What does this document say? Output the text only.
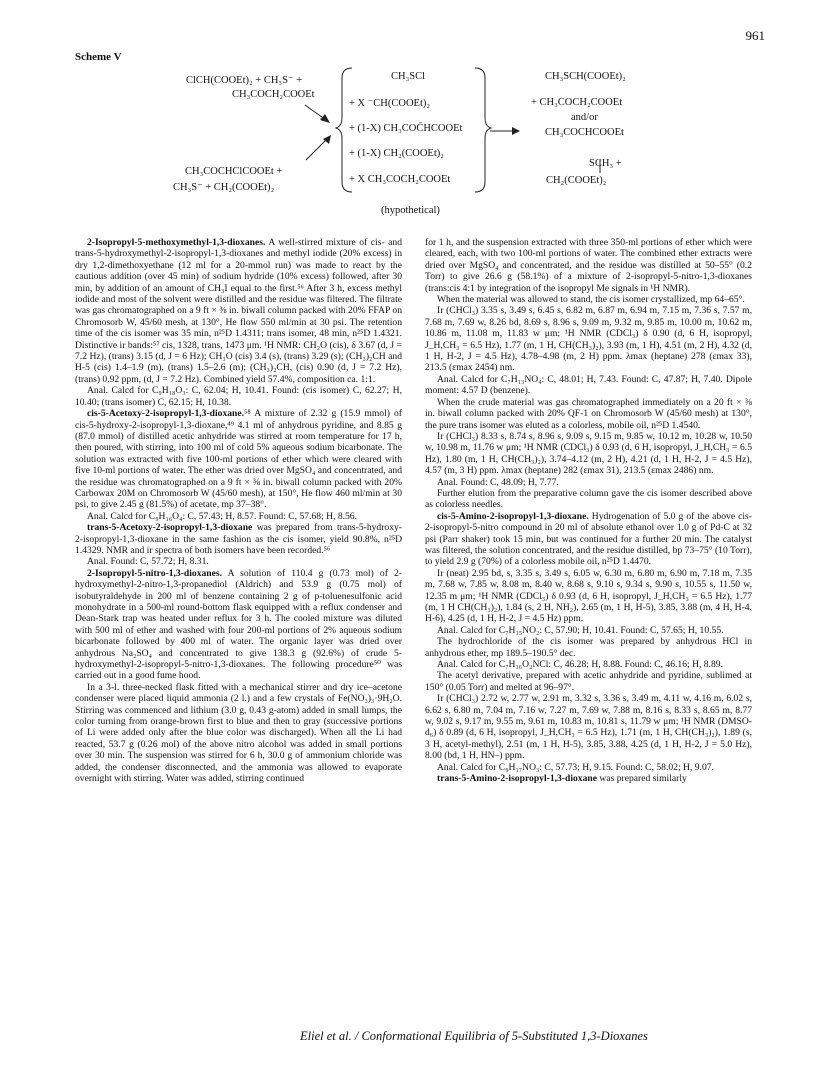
961
Scheme V
ClCH(COOEt)₂ + CH₃S⁻ +
CH₃COCH₂COOEt
CH₃COCHClCOOEt +
CH₃S⁻ + CH₂(COOEt)₂
CH₃SCl
+ X ⁻CH(COOEt)₂
+ (1-X) CH₃COC̄HCOOEt
+ (1-X) CH₂(COOEt)₂
+ X CH₃COCH₂COOEt
CH₃SCH(COOEt)₂
+ CH₃COCH₂COOEt
and/or
CH₃COCHCOOEt
SCH₃ +
CH₂(COOEt)₂
(hypothetical)

2-Isopropyl-5-methoxymethyl-1,3-dioxanes. A well-stirred mixture of cis- and trans-5-hydroxymethyl-2-isopropyl-1,3-dioxanes and methyl iodide (20% excess) in dry 1,2-dimethoxyethane (12 ml for a 20-mmol run) was made to react by the cautious addition (over 45 min) of sodium hydride (10% excess) followed, after 30 min, by addition of an amount of CH₃I equal to the first.⁵⁶ After 3 h, excess methyl iodide and most of the solvent were distilled and the residue was filtered. The filtrate was gas chromatographed on a 9 ft × ⅜ in. biwall column packed with 20% FFAP on Chromosorb W, 45/60 mesh, at 130°, He flow 550 ml/min at 30 psi. The retention time of the cis isomer was 35 min, n²⁵D 1.4311; trans isomer, 48 min, n²⁵D 1.4321. Distinctive ir bands:⁵⁷ cis, 1328, trans, 1473 μm. ¹H NMR: CH₂O (cis), δ 3.67 (d, J = 7.2 Hz), (trans) 3.15 (d, J = 6 Hz); CH₃O (cis) 3.4 (s), (trans) 3.29 (s); (CH₃)₂CH and H-5 (cis) 1.4–1.9 (m), (trans) 1.5–2.6 (m); (CH₃)₂CH, (cis) 0.90 (d, J = 7.2 Hz), (trans) 0.92 ppm, (d, J = 7.2 Hz). Combined yield 57.4%, composition ca. 1:1.

Anal. Calcd for C₉H₁₈O₃: C, 62.04; H, 10.41. Found: (cis isomer) C, 62.27; H, 10.40; (trans isomer) C, 62.15; H, 10.38.

cis-5-Acetoxy-2-isopropyl-1,3-dioxane.⁵⁸ A mixture of 2.32 g (15.9 mmol) of cis-5-hydroxy-2-isopropyl-1,3-dioxane,⁴⁹ 4.1 ml of anhydrous pyridine, and 8.85 g (87.0 mmol) of distilled acetic anhydride was stirred at room temperature for 17 h, then poured, with stirring, into 100 ml of cold 5% aqueous sodium bicarbonate. The solution was extracted with five 100-ml portions of ether which were cleared with five 10-ml portions of water. The ether was dried over MgSO₄ and concentrated, and the residue was chromatographed on a 9 ft × ⅜ in. biwall column packed with 20% Carbowax 20M on Chromosorb W (45/60 mesh), at 150°, He flow 460 ml/min at 30 psi, to give 2.45 g (81.5%) of acetate, mp 37–38°.

Anal. Calcd for C₉H₁₆O₄: C, 57.43; H, 8.57. Found: C, 57.68; H, 8.56.

trans-5-Acetoxy-2-isopropyl-1,3-dioxane was prepared from trans-5-hydroxy-2-isopropyl-1,3-dioxane in the same fashion as the cis isomer, yield 90.8%, n²⁵D 1.4329. NMR and ir spectra of both isomers have been recorded.⁵⁶

Anal. Found: C, 57.72; H, 8.31.

2-Isopropyl-5-nitro-1,3-dioxanes. A solution of 110.4 g (0.73 mol) of 2-hydroxymethyl-2-nitro-1,3-propanediol (Aldrich) and 53.9 g (0.75 mol) of isobutyraldehyde in 200 ml of benzene containing 2 g of p-toluenesulfonic acid monohydrate in a 500-ml round-bottom flask equipped with a reflux condenser and Dean-Stark trap was heated under reflux for 3 h. The cooled mixture was diluted with 500 ml of ether and washed with four 200-ml portions of 2% aqueous sodium bicarbonate followed by 400 ml of water. The organic layer was dried over anhydrous Na₂SO₄ and concentrated to give 138.3 g (92.6%) of crude 5-hydroxymethyl-2-isopropyl-5-nitro-1,3-dioxanes. The following procedure⁵⁰ was carried out in a good fume hood.

In a 3-l. three-necked flask fitted with a mechanical stirrer and dry ice–acetone condenser were placed liquid ammonia (2 l.) and a few crystals of Fe(NO₃)₃·9H₂O. Stirring was commenced and lithium (3.0 g, 0.43 g-atom) added in small lumps, the color turning from orange-brown first to blue and then to gray (successive portions of Li were added only after the blue color was discharged). When all the Li had reacted, 53.7 g (0.26 mol) of the above nitro alcohol was added in small portions over 30 min. The suspension was stirred for 6 h, 30.0 g of ammonium chloride was added, the condenser disconnected, and the ammonia was allowed to evaporate overnight with stirring. Water was added, stirring continued

for 1 h, and the suspension extracted with three 350-ml portions of ether which were cleared, each, with two 100-ml portions of water. The combined ether extracts were dried over MgSO₄ and concentrated, and the residue was distilled at 50–55° (0.2 Torr) to give 26.6 g (58.1%) of a mixture of 2-isopropyl-5-nitro-1,3-dioxanes (trans:cis 4:1 by integration of the isopropyl Me signals in ¹H NMR).

When the material was allowed to stand, the cis isomer crystallized, mp 64–65°.

Ir (CHCl₃) 3.35 s, 3.49 s, 6.45 s, 6.82 m, 6.87 m, 6.94 m, 7.15 m, 7.36 s, 7.57 m, 7.68 m, 7.69 w, 8.26 bd, 8.69 s, 8.96 s, 9.09 m, 9.32 m, 9.85 m, 10.00 m, 10.62 m, 10.86 m, 11.08 m, 11.83 w μm; ¹H NMR (CDCl₃) δ 0.90 (d, 6 H, isopropyl, J_H,CH₃ = 6.5 Hz), 1.77 (m, 1 H, CH(CH₃)₂), 3.93 (m, 1 H), 4.51 (m, 2 H), 4.32 (d, 1 H, H-2, J = 4.5 Hz), 4.78–4.98 (m, 2 H) ppm. λmax (heptane) 278 (εmax 33), 213.5 (εmax 2454) nm.

Anal. Calcd for C₇H₁₃NO₄: C, 48.01; H, 7.43. Found: C, 47.87; H, 7.40. Dipole moment: 4.57 D (benzene).

When the crude material was gas chromatographed immediately on a 20 ft × ⅜ in. biwall column packed with 20% QF-1 on Chromosorb W (45/60 mesh) at 130°, the pure trans isomer was eluted as a colorless, mobile oil, n²⁵D 1.4540.

Ir (CHCl₃) 8.33 s, 8.74 s, 8.96 s, 9.09 s, 9.15 m, 9.85 w, 10.12 m, 10.28 w, 10.50 w, 10.98 m, 11.76 w μm; ¹H NMR (CDCl₃) δ 0.93 (d, 6 H, isopropyl, J_H,CH₃ = 6.5 Hz), 1.80 (m, 1 H, CH(CH₃)₂), 3.74–4.12 (m, 2 H), 4.21 (d, 1 H, H-2, J = 4.5 Hz), 4.57 (m, 3 H) ppm. λmax (heptane) 282 (εmax 31), 213.5 (εmax 2486) nm.

Anal. Found: C, 48.09; H, 7.77.

Further elution from the preparative column gave the cis isomer described above as colorless needles.

cis-5-Amino-2-isopropyl-1,3-dioxane. Hydrogenation of 5.0 g of the above cis-2-isopropyl-5-nitro compound in 20 ml of absolute ethanol over 1.0 g of Pd-C at 32 psi (Parr shaker) took 15 min, but was continued for a further 20 min. The catalyst was filtered, the solution concentrated, and the residue distilled, bp 73–75° (10 Torr), to yield 2.9 g (70%) of a colorless mobile oil, n²⁵D 1.4470.

Ir (neat) 2.95 bd, s, 3.35 s, 3.49 s, 6.05 w, 6.30 m, 6.80 m, 6.90 m, 7.18 m, 7.35 m, 7.68 w, 7.85 w, 8.08 m, 8.40 w, 8.68 s, 9.10 s, 9.34 s, 9.90 s, 10.55 s, 11.50 w, 12.35 m μm; ¹H NMR (CDCl₃) δ 0.93 (d, 6 H, isopropyl, J_H,CH₃ = 6.5 Hz), 1.77 (m, 1 H CH(CH₃)₂), 1.84 (s, 2 H, NH₂), 2.65 (m, 1 H, H-5), 3.85, 3.88 (m, 4 H, H-4, H-6), 4.25 (d, 1 H, H-2, J = 4.5 Hz) ppm.

Anal. Calcd for C₇H₁₅NO₂: C, 57.90; H, 10.41. Found: C, 57.65; H, 10.55.

The hydrochloride of the cis isomer was prepared by anhydrous HCl in anhydrous ether, mp 189.5–190.5° dec.

Anal. Calcd for C₇H₁₆O₂NCl: C, 46.28; H, 8.88. Found: C, 46.16; H, 8.89.

The acetyl derivative, prepared with acetic anhydride and pyridine, sublimed at 150° (0.05 Torr) and melted at 96–97°.

Ir (CHCl₃) 2.72 w, 2.77 w, 2.91 m, 3.32 s, 3.36 s, 3.49 m, 4.11 w, 4.16 m, 6.02 s, 6.62 s, 6.80 m, 7.04 m, 7.16 w, 7.27 m, 7.69 w, 7.88 m, 8.16 s, 8.33 s, 8.65 m, 8.77 w, 9.02 s, 9.17 m, 9.55 m, 9.61 m, 10.83 m, 10.81 s, 11.79 w μm; ¹H NMR (DMSO-d₆) δ 0.89 (d, 6 H, isopropyl, J_H,CH₃ = 6.5 Hz), 1.71 (m, 1 H, CH(CH₃)₂), 1.89 (s, 3 H, acetyl-methyl), 2.51 (m, 1 H, H-5), 3.85, 3.88, 4.25 (d, 1 H, H-2, J = 5.0 Hz), 8.00 (bd, 1 H, HN–) ppm.

Anal. Calcd for C₉H₁₇NO₃: C, 57.73; H, 9.15. Found: C, 58.02; H, 9.07.

trans-5-Amino-2-isopropyl-1,3-dioxane was prepared similarly

Eliel et al. / Conformational Equilibria of 5-Substituted 1,3-Dioxanes
